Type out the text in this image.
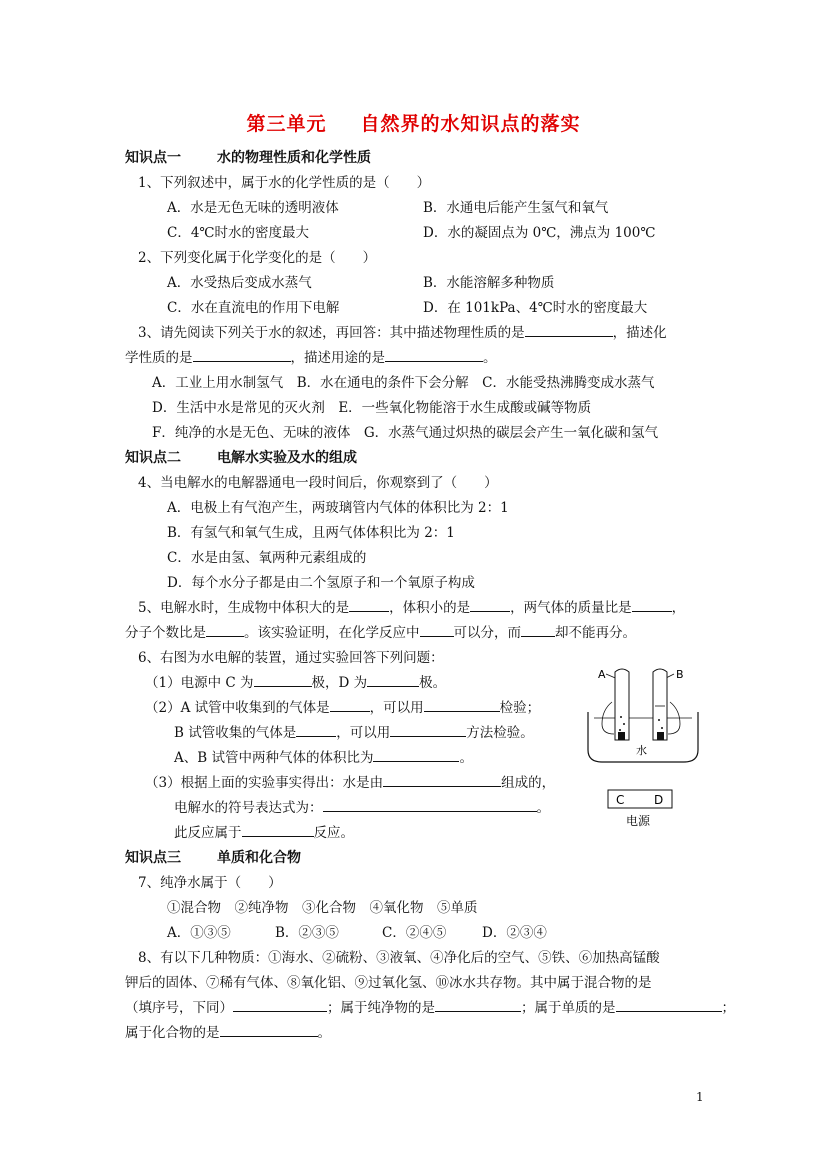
第三单元 自然界的水知识点的落实
知识点一	水的物理性质和化学性质
1、下列叙述中，属于水的化学性质的是（　　）
A．水是无色无味的透明液体	B．水通电后能产生氢气和氧气
C．4℃时水的密度最大	D．水的凝固点为 0℃，沸点为 100℃
2、下列变化属于化学变化的是（　　）
A．水受热后变成水蒸气	B．水能溶解多种物质
C．水在直流电的作用下电解	D．在 101kPa、4℃时水的密度最大
3、请先阅读下列关于水的叙述，再回答：其中描述物理性质的是	，描述化
学性质的是	，描述用途的是	。
A．工业上用水制氢气　B．水在通电的条件下会分解　C．水能受热沸腾变成水蒸气
D．生活中水是常见的灭火剂　E．一些氧化物能溶于水生成酸或碱等物质
F．纯净的水是无色、无味的液体　G．水蒸气通过炽热的碳层会产生一氧化碳和氢气
知识点二	电解水实验及水的组成
4、当电解水的电解器通电一段时间后，你观察到了（　　）
A．电极上有气泡产生，两玻璃管内气体的体积比为 2：1
B．有氢气和氧气生成，且两气体体积比为 2：1
C．水是由氢、氧两种元素组成的
D．每个水分子都是由二个氢原子和一个氧原子构成
5、电解水时，生成物中体积大的是	，体积小的是	，两气体的质量比是	，
分子个数比是	。该实验证明，在化学反应中	可以分，而	却不能再分。
6、右图为水电解的装置，通过实验回答下列问题：
（1）电源中 C 为	极，D 为	极。
（2）A 试管中收集到的气体是	，可以用	检验；
B 试管收集的气体是	，可以用	方法检验。
A、B 试管中两种气体的体积比为	。
（3）根据上面的实验事实得出：水是由	组成的，
电解水的符号表达式为：	。
此反应属于	反应。
A	B
水
C D
电源
知识点三	单质和化合物
7、纯净水属于（　　）
①混合物　②纯净物　③化合物　④氧化物　⑤单质
A．①③⑤	B．②③⑤	C．②④⑤	D．②③④
8、有以下几种物质：①海水、②硫粉、③液氧、④净化后的空气、⑤铁、⑥加热高锰酸
钾后的固体、⑦稀有气体、⑧氧化铝、⑨过氧化氢、⑩冰水共存物。其中属于混合物的是
（填序号，下同）	；属于纯净物的是	；属于单质的是	；
属于化合物的是	。
1
